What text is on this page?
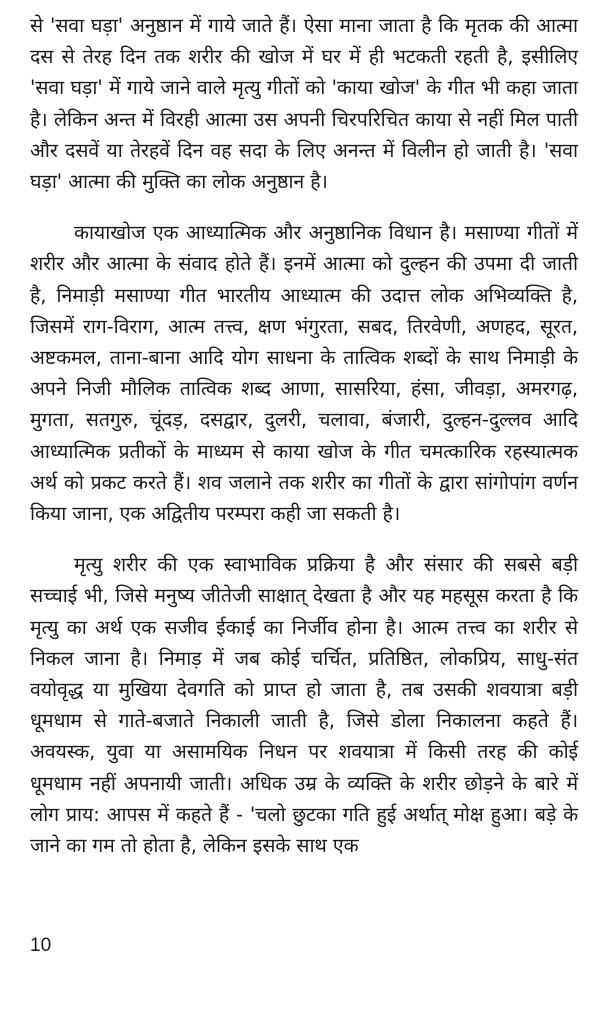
से 'सवा घड़ा' अनुष्ठान में गाये जाते हैं। ऐसा माना जाता है कि मृतक की आत्मा दस से तेरह दिन तक शरीर की खोज में घर में ही भटकती रहती है, इसीलिए 'सवा घड़ा' में गाये जाने वाले मृत्यु गीतों को 'काया खोज' के गीत भी कहा जाता है। लेकिन अन्त में विरही आत्मा उस अपनी चिरपरिचित काया से नहीं मिल पाती और दसवें या तेरहवें दिन वह सदा के लिए अनन्त में विलीन हो जाती है। 'सवा घड़ा' आत्मा की मुक्ति का लोक अनुष्ठान है।

कायाखोज एक आध्यात्मिक और अनुष्ठानिक विधान है। मसाण्या गीतों में शरीर और आत्मा के संवाद होते हैं। इनमें आत्मा को दुल्हन की उपमा दी जाती है, निमाड़ी मसाण्या गीत भारतीय आध्यात्म की उदात्त लोक अभिव्यक्ति है, जिसमें राग-विराग, आत्म तत्त्व, क्षण भंगुरता, सबद, तिरवेणी, अणहद, सूरत, अष्टकमल, ताना-बाना आदि योग साधना के तात्विक शब्दों के साथ निमाड़ी के अपने निजी मौलिक तात्विक शब्द आणा, सासरिया, हंसा, जीवड़ा, अमरगढ़, मुगता, सतगुरु, चूंदड़, दसद्वार, दुलरी, चलावा, बंजारी, दुल्हन-दुल्लव आदि आध्यात्मिक प्रतीकों के माध्यम से काया खोज के गीत चमत्कारिक रहस्यात्मक अर्थ को प्रकट करते हैं। शव जलाने तक शरीर का गीतों के द्वारा सांगोपांग वर्णन किया जाना, एक अद्वितीय परम्परा कही जा सकती है।

मृत्यु शरीर की एक स्वाभाविक प्रक्रिया है और संसार की सबसे बड़ी सच्चाई भी, जिसे मनुष्य जीतेजी साक्षात् देखता है और यह महसूस करता है कि मृत्यु का अर्थ एक सजीव ईकाई का निर्जीव होना है। आत्म तत्त्व का शरीर से निकल जाना है। निमाड़ में जब कोई चर्चित, प्रतिष्ठित, लोकप्रिय, साधु-संत वयोवृद्ध या मुखिया देवगति को प्राप्त हो जाता है, तब उसकी शवयात्रा बड़ी धूमधाम से गाते-बजाते निकाली जाती है, जिसे डोला निकालना कहते हैं। अवयस्क, युवा या असामयिक निधन पर शवयात्रा में किसी तरह की कोई धूमधाम नहीं अपनायी जाती। अधिक उम्र के व्यक्ति के शरीर छोड़ने के बारे में लोग प्राय: आपस में कहते हैं - 'चलो छुटका गति हुई अर्थात् मोक्ष हुआ। बड़े के जाने का गम तो होता है, लेकिन इसके साथ एक

10
